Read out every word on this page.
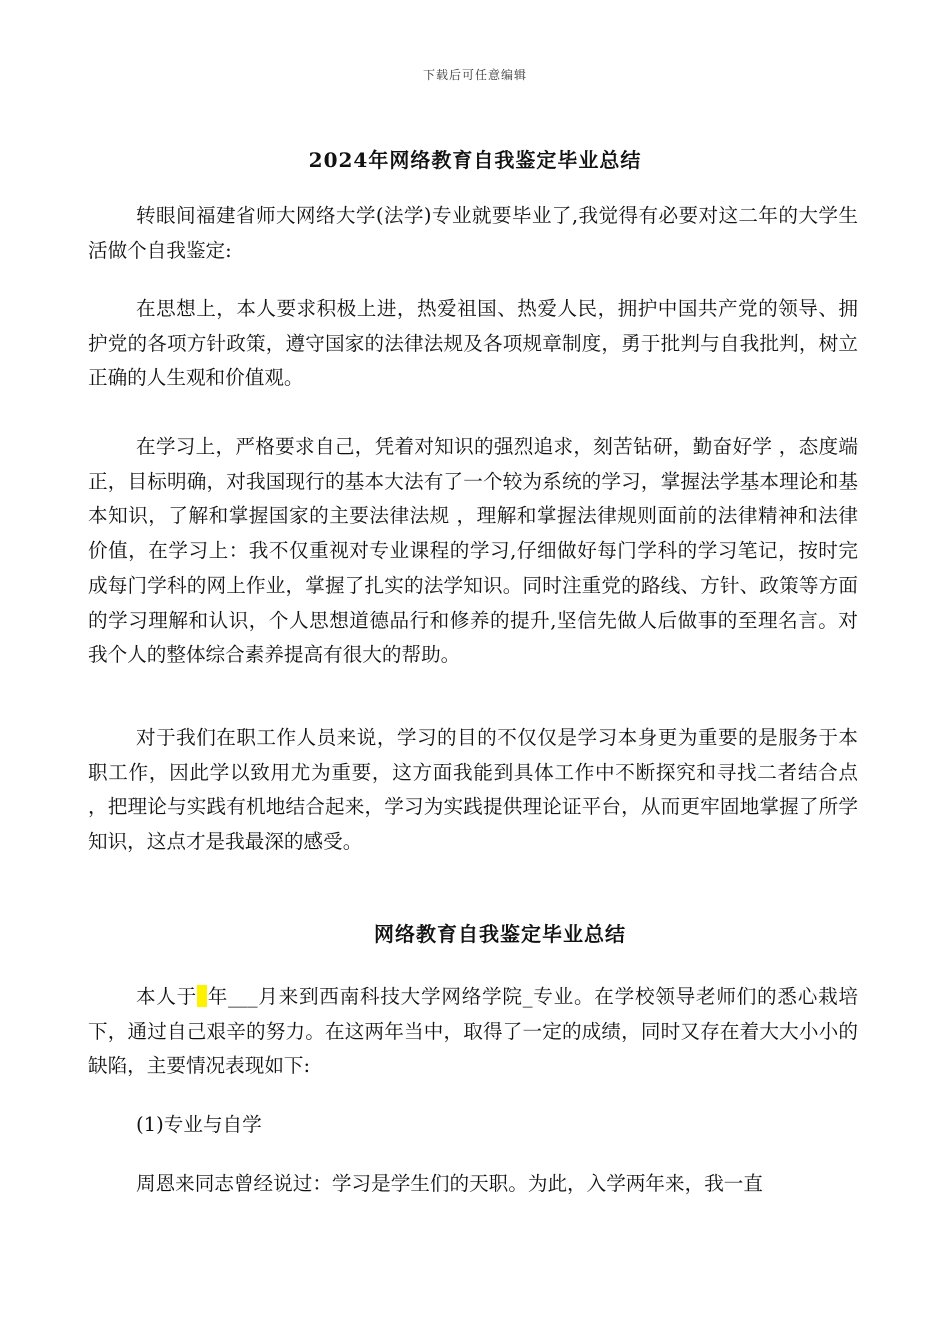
下载后可任意编辑
2024年网络教育自我鉴定毕业总结

转眼间福建省师大网络大学(法学)专业就要毕业了,我觉得有必要对这二年的大学生活做个自我鉴定:

在思想上，本人要求积极上进，热爱祖国、热爱人民，拥护中国共产党的领导、拥护党的各项方针政策，遵守国家的法律法规及各项规章制度，勇于批判与自我批判，树立正确的人生观和价值观。

在学习上，严格要求自己，凭着对知识的强烈追求，刻苦钻研，勤奋好学 ，态度端正，目标明确，对我国现行的基本大法有了一个较为系统的学习，掌握法学基本理论和基本知识，了解和掌握国家的主要法律法规 ，理解和掌握法律规则面前的法律精神和法律价值，在学习上：我不仅重视对专业课程的学习,仔细做好每门学科的学习笔记，按时完成每门学科的网上作业，掌握了扎实的法学知识。同时注重党的路线、方针、政策等方面的学习理解和认识，个人思想道德品行和修养的提升,坚信先做人后做事的至理名言。对我个人的整体综合素养提高有很大的帮助。

对于我们在职工作人员来说，学习的目的不仅仅是学习本身更为重要的是服务于本职工作，因此学以致用尤为重要，这方面我能到具体工作中不断探究和寻找二者结合点 ，把理论与实践有机地结合起来，学习为实践提供理论证平台，从而更牢固地掌握了所学知识，这点才是我最深的感受。

网络教育自我鉴定毕业总结

本人于 年___月来到西南科技大学网络学院_专业。在学校领导老师们的悉心栽培下，通过自己艰辛的努力。在这两年当中，取得了一定的成绩，同时又存在着大大小小的缺陷，主要情况表现如下:

(1)专业与自学

周恩来同志曾经说过：学习是学生们的天职。为此，入学两年来，我一直
